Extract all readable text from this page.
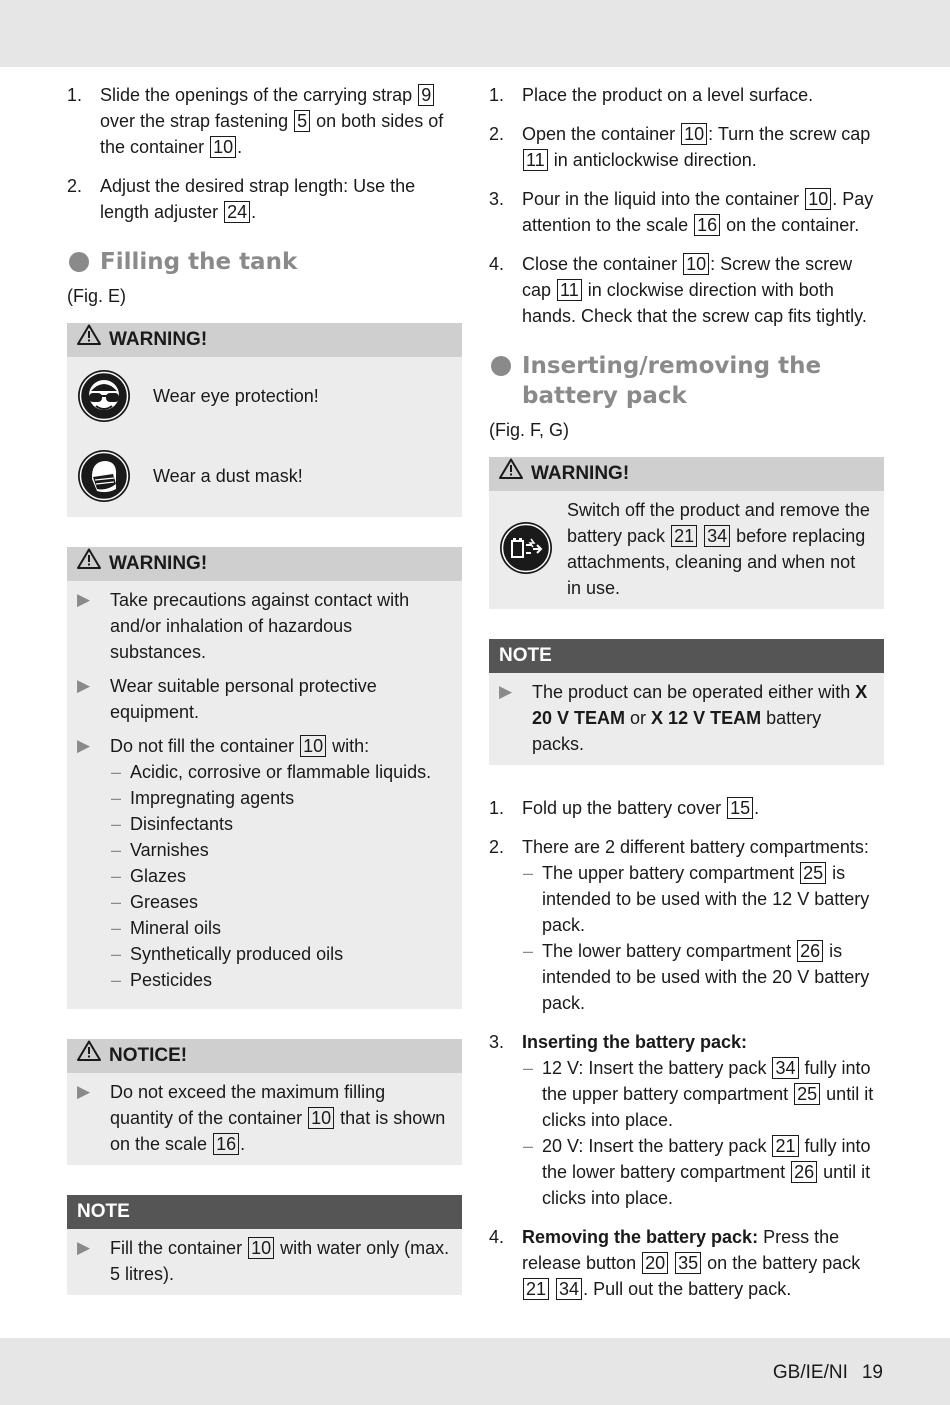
1. Slide the openings of the carrying strap 9 over the strap fastening 5 on both sides of the container 10 .
2. Adjust the desired strap length: Use the length adjuster 24 .
Filling the tank
(Fig. E)
WARNING!
Wear eye protection!
Wear a dust mask!
WARNING!
▶ Take precautions against contact with and/or inhalation of hazardous substances.
▶ Wear suitable personal protective equipment.
▶ Do not fill the container 10 with:
– Acidic, corrosive or flammable liquids.
– Impregnating agents
– Disinfectants
– Varnishes
– Glazes
– Greases
– Mineral oils
– Synthetically produced oils
– Pesticides
NOTICE!
▶ Do not exceed the maximum filling quantity of the container 10 that is shown on the scale 16 .
NOTE
▶ Fill the container 10 with water only (max. 5 litres).
1. Place the product on a level surface.
2. Open the container 10 : Turn the screw cap 11 in anticlockwise direction.
3. Pour in the liquid into the container 10 . Pay attention to the scale 16 on the container.
4. Close the container 10 : Screw the screw cap 11 in clockwise direction with both hands. Check that the screw cap fits tightly.
Inserting/removing the battery pack
(Fig. F, G)
WARNING!
Switch off the product and remove the battery pack 21 34 before replacing attachments, cleaning and when not in use.
NOTE
▶ The product can be operated either with X 20 V TEAM or X 12 V TEAM battery packs.
1. Fold up the battery cover 15 .
2. There are 2 different battery compartments:
– The upper battery compartment 25 is intended to be used with the 12 V battery pack.
– The lower battery compartment 26 is intended to be used with the 20 V battery pack.
3. Inserting the battery pack:
– 12 V: Insert the battery pack 34 fully into the upper battery compartment 25 until it clicks into place.
– 20 V: Insert the battery pack 21 fully into the lower battery compartment 26 until it clicks into place.
4. Removing the battery pack: Press the release button 20 35 on the battery pack 21 34 . Pull out the battery pack.
GB/IE/NI 19
